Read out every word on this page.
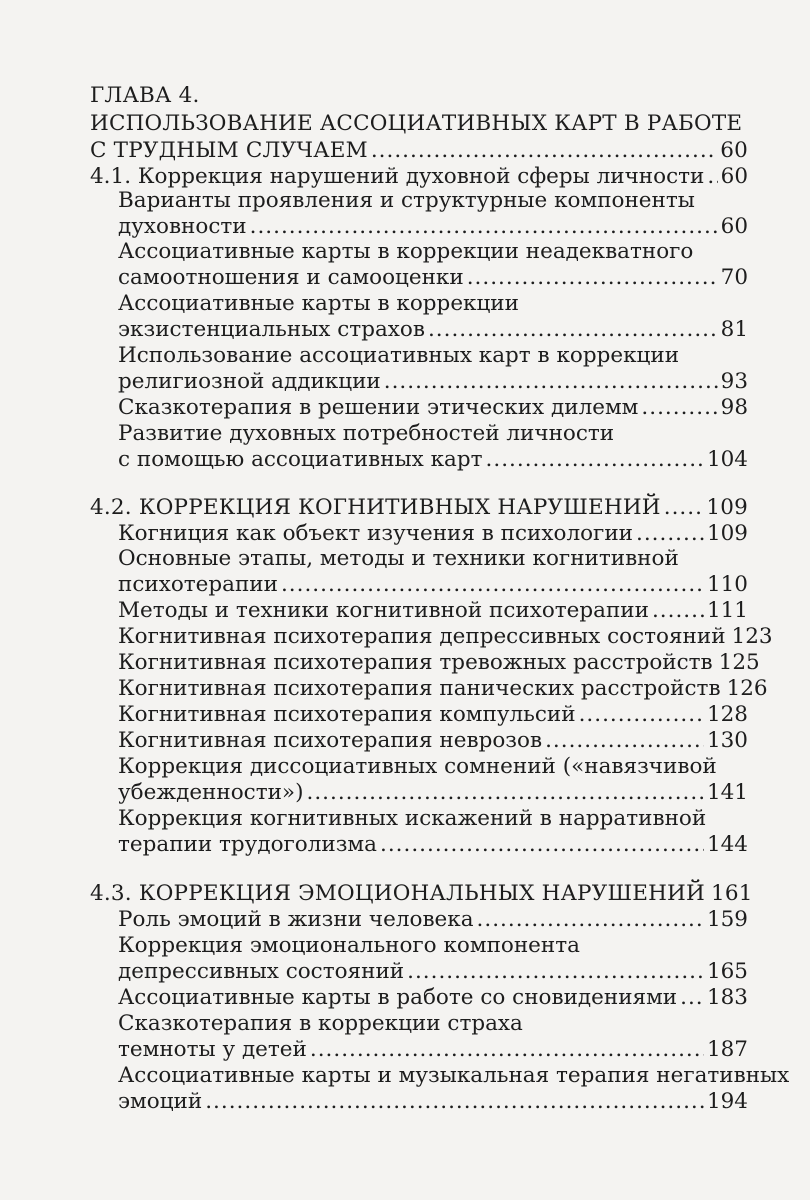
ГЛАВА 4.
ИСПОЛЬЗОВАНИЕ АССОЦИАТИВНЫХ КАРТ В РАБОТЕ
С ТРУДНЫМ СЛУЧАЕМ .....	60
4.1. Коррекция нарушений духовной сферы личности ..... 60
Варианты проявления и структурные компоненты
духовности .....	60
Ассоциативные карты в коррекции неадекватного
самоотношения и самооценки .....	70
Ассоциативные карты в коррекции
экзистенциальных страхов .....	81
Использование ассоциативных карт в коррекции
религиозной аддикции .....	93
Сказкотерапия в решении этических дилемм .....	98
Развитие духовных потребностей личности
с помощью ассоциативных карт .....	104
4.2. КОРРЕКЦИЯ КОГНИТИВНЫХ НАРУШЕНИЙ ..... 109
Когниция как объект изучения в психологии .....	109
Основные этапы, методы и техники когнитивной
психотерапии .....	110
Методы и техники когнитивной психотерапии .....	111
Когнитивная психотерапия депрессивных состояний 123
Когнитивная психотерапия тревожных расстройств 125
Когнитивная психотерапия панических расстройств 126
Когнитивная психотерапия компульсий .....	128
Когнитивная психотерапия неврозов .....	130
Коррекция диссоциативных сомнений («навязчивой
убежденности») .....	141
Коррекция когнитивных искажений в нарративной
терапии трудоголизма .....	144
4.3. КОРРЕКЦИЯ ЭМОЦИОНАЛЬНЫХ НАРУШЕНИЙ 161
Роль эмоций в жизни человека .....	159
Коррекция эмоционального компонента
депрессивных состояний .....	165
Ассоциативные карты в работе со сновидениями ..... 183
Сказкотерапия в коррекции страха
темноты у детей .....	187
Ассоциативные карты и музыкальная терапия негативных
эмоций .....	194
